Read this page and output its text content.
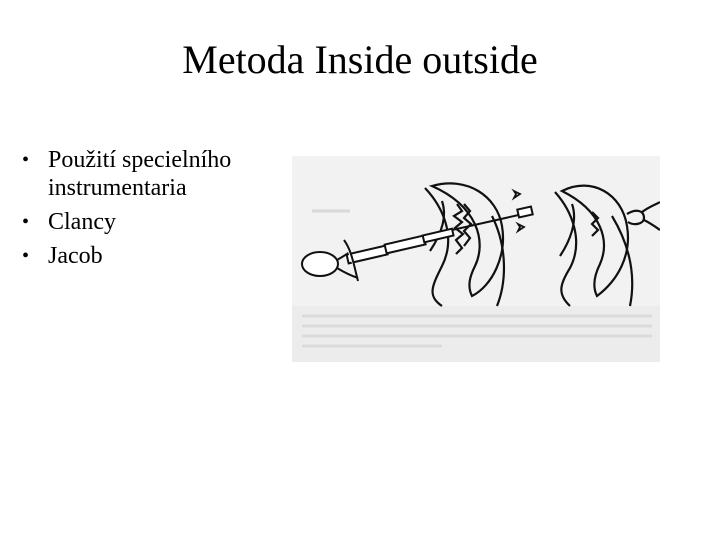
Metoda Inside outside
• Použití specielního instrumentaria
• Clancy
• Jacob
